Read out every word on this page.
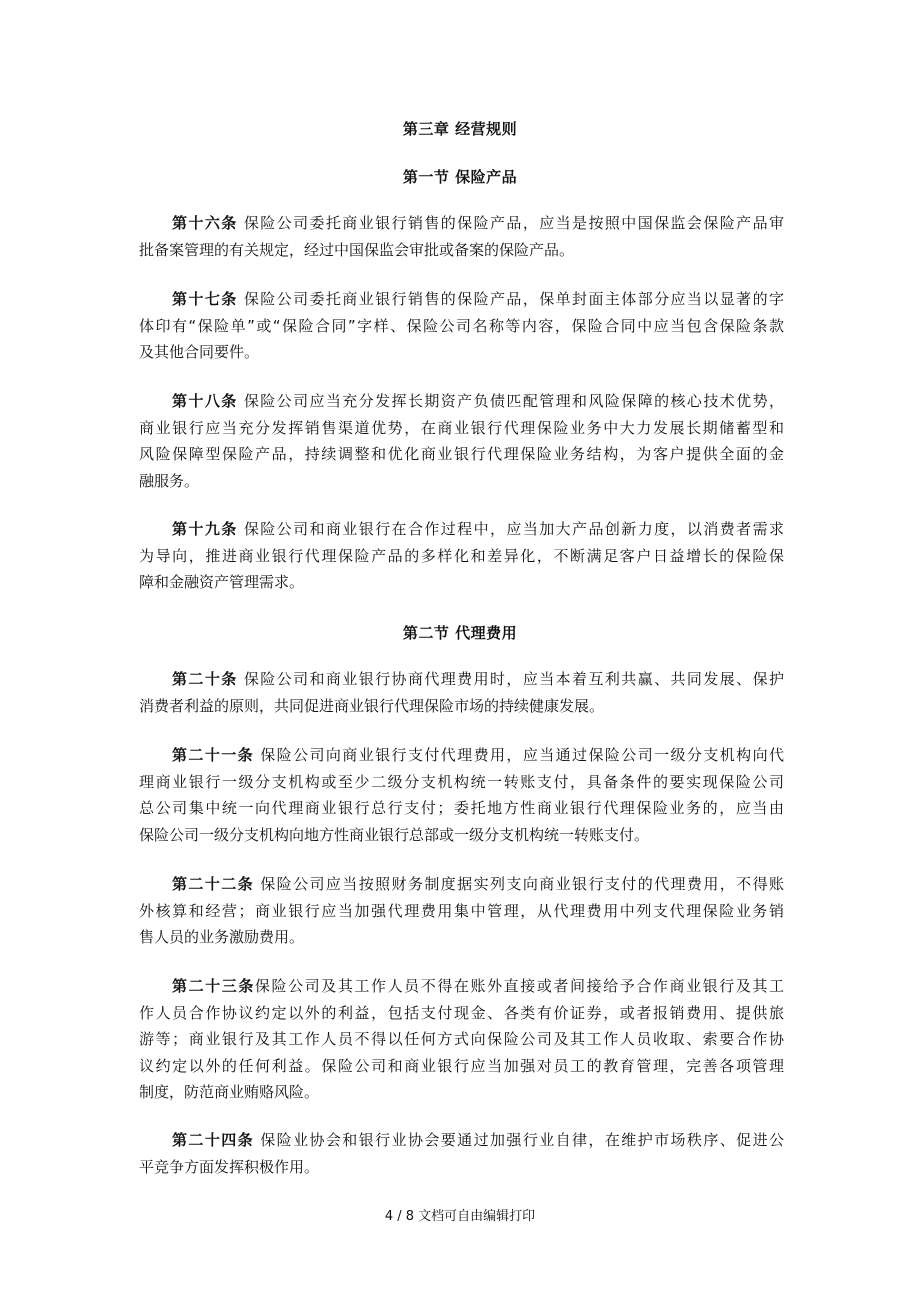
第三章 经营规则
第一节 保险产品
第十六条 保险公司委托商业银行销售的保险产品，应当是按照中国保监会保险产品审
批备案管理的有关规定，经过中国保监会审批或备案的保险产品。
第十七条 保险公司委托商业银行销售的保险产品，保单封面主体部分应当以显著的字
体印有“保险单”或“保险合同”字样、保险公司名称等内容，保险合同中应当包含保险条款
及其他合同要件。
第十八条 保险公司应当充分发挥长期资产负债匹配管理和风险保障的核心技术优势，
商业银行应当充分发挥销售渠道优势，在商业银行代理保险业务中大力发展长期储蓄型和
风险保障型保险产品，持续调整和优化商业银行代理保险业务结构，为客户提供全面的金
融服务。
第十九条 保险公司和商业银行在合作过程中，应当加大产品创新力度，以消费者需求
为导向，推进商业银行代理保险产品的多样化和差异化，不断满足客户日益增长的保险保
障和金融资产管理需求。
第二节 代理费用
第二十条 保险公司和商业银行协商代理费用时，应当本着互利共赢、共同发展、保护
消费者利益的原则，共同促进商业银行代理保险市场的持续健康发展。
第二十一条 保险公司向商业银行支付代理费用，应当通过保险公司一级分支机构向代
理商业银行一级分支机构或至少二级分支机构统一转账支付，具备条件的要实现保险公司
总公司集中统一向代理商业银行总行支付；委托地方性商业银行代理保险业务的，应当由
保险公司一级分支机构向地方性商业银行总部或一级分支机构统一转账支付。
第二十二条 保险公司应当按照财务制度据实列支向商业银行支付的代理费用，不得账
外核算和经营；商业银行应当加强代理费用集中管理，从代理费用中列支代理保险业务销
售人员的业务激励费用。
第二十三条保险公司及其工作人员不得在账外直接或者间接给予合作商业银行及其工
作人员合作协议约定以外的利益，包括支付现金、各类有价证券，或者报销费用、提供旅
游等；商业银行及其工作人员不得以任何方式向保险公司及其工作人员收取、索要合作协
议约定以外的任何利益。保险公司和商业银行应当加强对员工的教育管理，完善各项管理
制度，防范商业贿赂风险。
第二十四条 保险业协会和银行业协会要通过加强行业自律，在维护市场秩序、促进公
平竞争方面发挥积极作用。
4 / 8 文档可自由编辑打印
